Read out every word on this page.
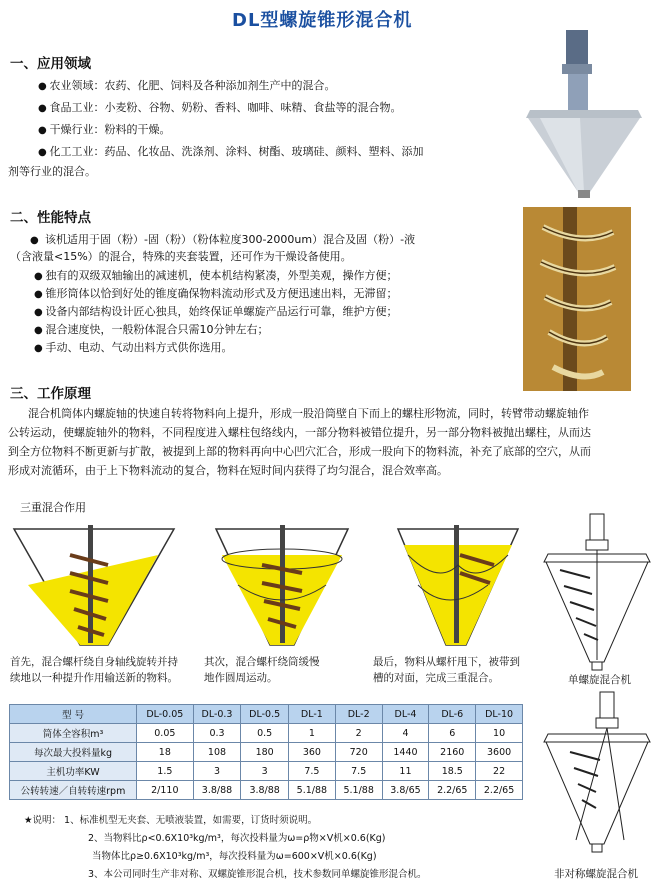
DL型螺旋锥形混合机
一、应用领域
● 农业领域：农药、化肥、饲料及各种添加剂生产中的混合。
● 食品工业：小麦粉、谷物、奶粉、香料、咖啡、味精、食盐等的混合物。
● 干燥行业：粉料的干燥。
● 化工工业：药品、化妆品、洗涤剂、涂料、树酯、玻璃硅、颜料、塑料、添加
剂等行业的混合。
二、性能特点
● 该机适用于固（粉）-固（粉）（粉体粒度300-2000um）混合及固（粉）-液
（含液量<15%）的混合，特殊的夹套装置，还可作为干燥设备使用。
● 独有的双级双轴输出的减速机，使本机结构紧凑，外型美观，操作方便；
● 锥形筒体以恰到好处的锥度确保物料流动形式及方便迅速出料，无滞留；
● 设备内部结构设计匠心独具，始终保证单螺旋产品运行可靠，维护方便；
● 混合速度快，一般粉体混合只需10分钟左右；
● 手动、电动、气动出料方式供你选用。
三、工作原理
混合机筒体内螺旋轴的快速自转将物料向上提升，形成一股沿筒壁自下而上的螺柱形物流，同时，转臂带动螺旋轴作
公转运动，使螺旋轴外的物料，不同程度进入螺柱包络线内，一部分物料被错位提升，另一部分物料被抛出螺柱，从而达
到全方位物料不断更新与扩散，被提到上部的物料再向中心凹穴汇合，形成一股向下的物料流，补充了底部的空穴，从而
形成对流循环，由于上下物料流动的复合，物料在短时间内获得了均匀混合，混合效率高。
三重混合作用
首先，混合螺杆绕自身轴线旋转并持
续地以一种提升作用输送新的物料。
其次，混合螺杆绕筒缓慢
地作圆周运动。
最后，物料从螺杆甩下，被带到
槽的对面，完成三重混合。	单螺旋混合机
非对称螺旋混合机
型 号	DL-0.05	DL-0.3	DL-0.5	DL-1	DL-2	DL-4	DL-6	DL-10
筒体全容积m³	0.05	0.3	0.5	1	2	4	6	10
每次最大投料量kg	18	108	180	360	720	1440	2160	3600
主机功率KW	1.5	3	3	7.5	7.5	11	18.5	22
公转转速／自转转速rpm	2/110	3.8/88	3.8/88	5.1/88	5.1/88	3.8/65	2.2/65	2.2/65
★说明： 1、标准机型无夹套、无喷液装置，如需要，订货时须说明。
2、当物料比ρ<0.6X10³kg/m³，每次投料量为ω=ρ物×V机×0.6(Kg)
当物体比ρ≥0.6X10³kg/m³，每次投料量为ω=600×V机×0.6(Kg)
3、本公司同时生产非对称、双螺旋锥形混合机，技术参数同单螺旋锥形混合机。
